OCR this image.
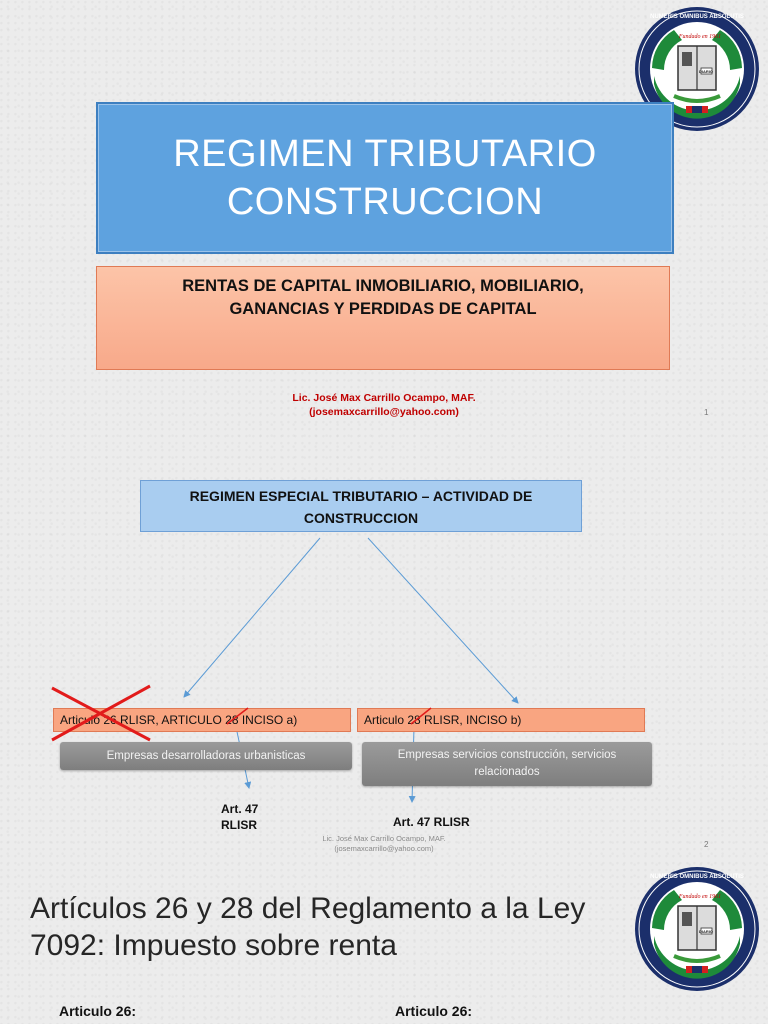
NUMERIS OMNIBUS ABSOLUTIS
Fundado en 1961
DIARIO
REGIMEN TRIBUTARIO
CONSTRUCCION
RENTAS DE CAPITAL INMOBILIARIO, MOBILIARIO,
GANANCIAS Y PERDIDAS DE CAPITAL
Lic. José Max Carrillo Ocampo, MAF.
(josemaxcarrillo@yahoo.com)	1
REGIMEN ESPECIAL TRIBUTARIO – ACTIVIDAD DE
CONSTRUCCION
Articulo 26 RLISR, ARTICULO 28 INCISO a)	Articulo 28 RLISR, INCISO b)
Empresas desarrolladoras urbanisticas	Empresas servicios construcción, servicios
relacionados
Art. 47
RLISR	Art. 47 RLISR
Lic. José Max Carrillo Ocampo, MAF.
(josemaxcarrillo@yahoo.com)	2
NUMERIS OMNIBUS ABSOLUTIS
Fundado en 1961
DIARIO
Artículos 26 y 28 del Reglamento a la Ley
7092: Impuesto sobre renta
Articulo 26:	Articulo 26:
